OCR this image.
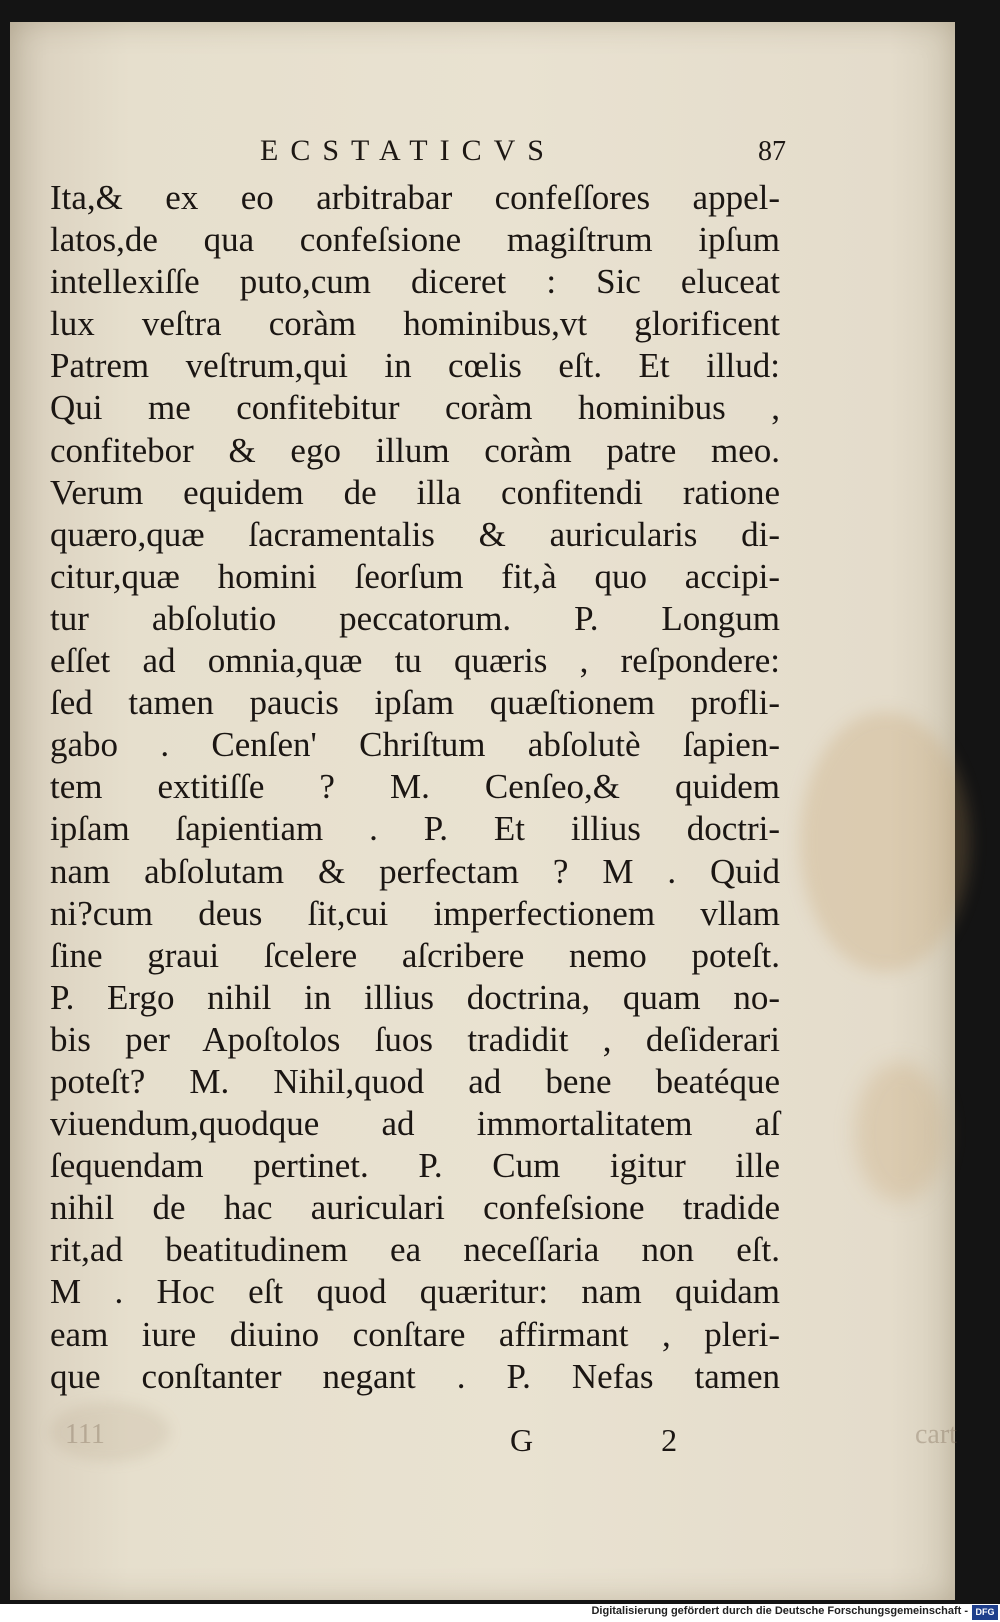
ECSTATICVS	87
Ita,& ex eo arbitrabar confeſſores appel-
latos,de qua confeſsione magiſtrum ipſum
intellexiſſe puto,cum diceret : Sic eluceat
lux veſtra coràm hominibus,vt glorificent
Patrem veſtrum,qui in cœlis eſt. Et illud:
Qui me confitebitur coràm hominibus ,
confitebor & ego illum coràm patre meo.
Verum equidem de illa confitendi ratione
quæro,quæ ſacramentalis & auricularis di-
citur,quæ homini ſeorſum fit,à quo accipi-
tur abſolutio peccatorum. P. Longum
eſſet ad omnia,quæ tu quæris , reſpondere:
ſed tamen paucis ipſam quæſtionem profli-
gabo . Cenſen' Chriſtum abſolutè ſapien-
tem extitiſſe ? M. Cenſeo,& quidem
ipſam ſapientiam . P. Et illius doctri-
nam abſolutam & perfectam ? M . Quid
ni?cum deus ſit,cui imperfectionem vllam
ſine graui ſcelere aſcribere nemo poteſt.
P. Ergo nihil in illius doctrina, quam no-
bis per Apoſtolos ſuos tradidit , deſiderari
poteſt? M. Nihil,quod ad bene beatéque
viuendum,quodque ad immortalitatem aſ
ſequendam pertinet. P. Cum igitur ille
nihil de hac auriculari confeſsione tradide
rit,ad beatitudinem ea neceſſaria non eſt.
M . Hoc eſt quod quæritur: nam quidam
eam iure diuino conſtare affirmant , pleri-
que conſtanter negant . P. Nefas tamen
111	cart
G 2
Digitalisierung gefördert durch die Deutsche Forschungsgemeinschaft - DFG
